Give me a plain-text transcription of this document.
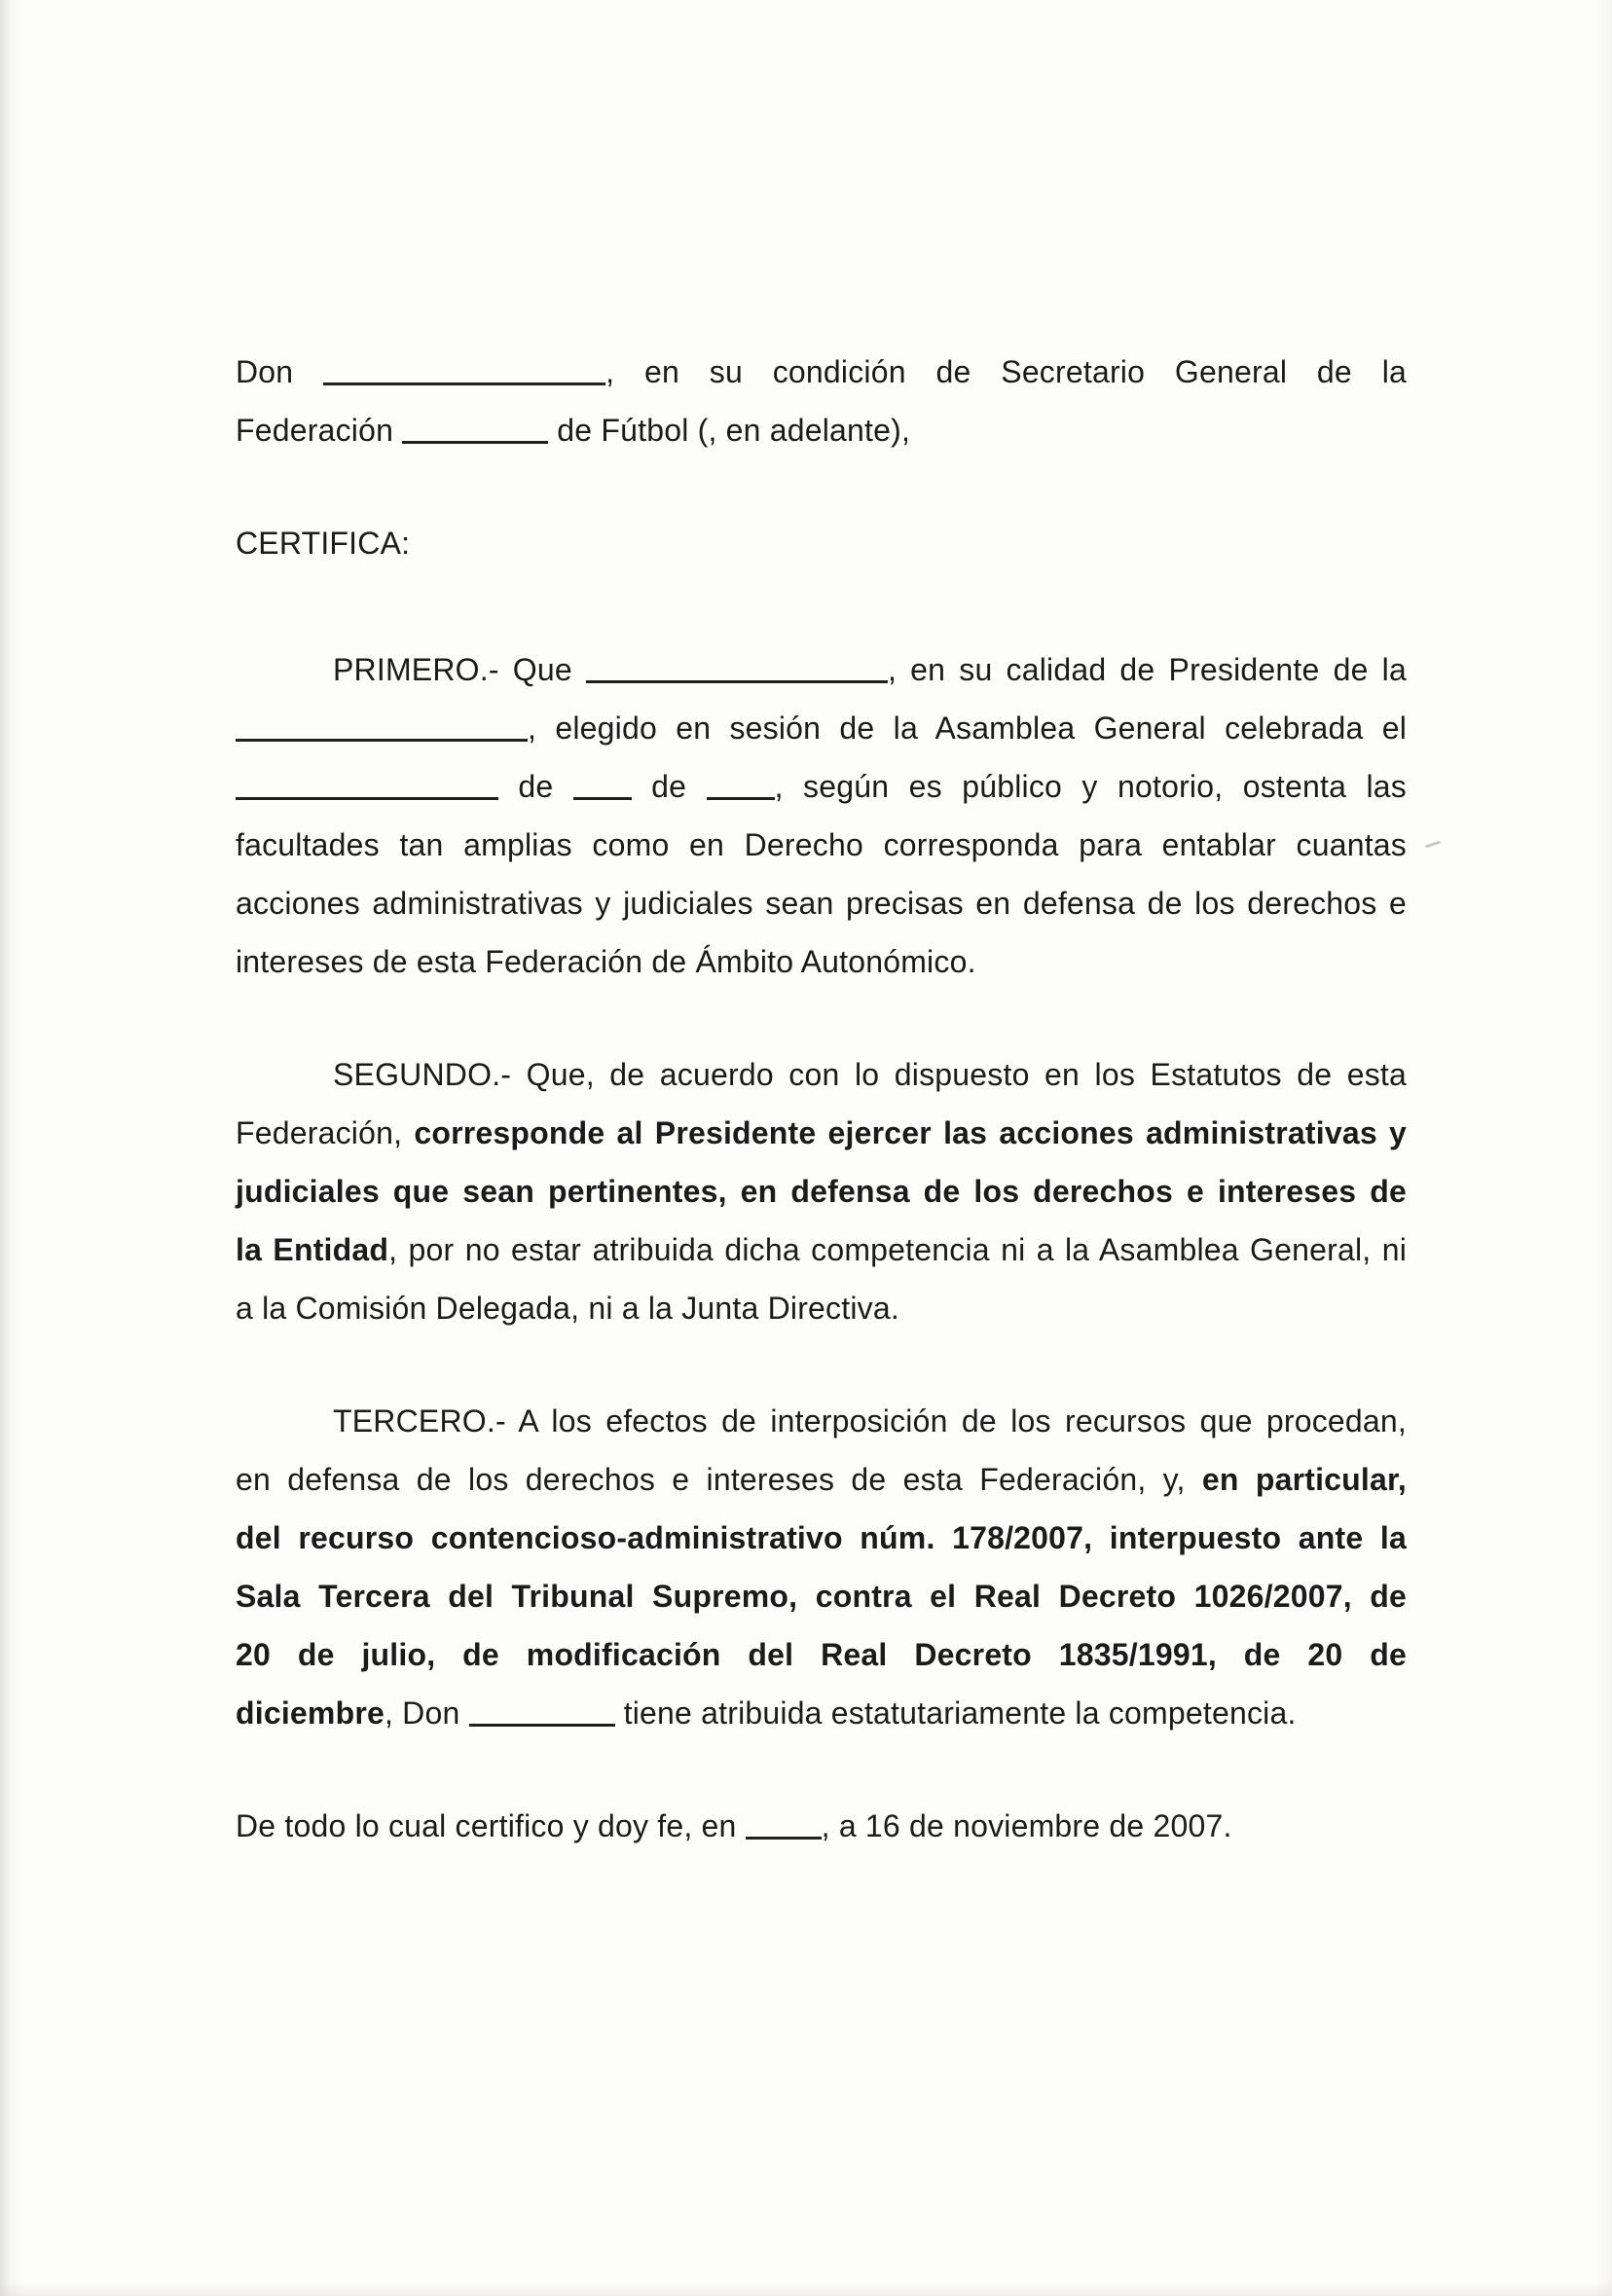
Don	, en su condición de Secretario General de la
Federación	de Fútbol (, en adelante),
CERTIFICA:
PRIMERO.- Que	, en su calidad de Presidente de la
, elegido en sesión de la Asamblea General celebrada el
de  de , según es público y notorio, ostenta las
facultades tan amplias como en Derecho corresponda para entablar cuantas
acciones administrativas y judiciales sean precisas en defensa de los derechos e
intereses de esta Federación de Ámbito Autonómico.
SEGUNDO.- Que, de acuerdo con lo dispuesto en los Estatutos de esta
Federación, corresponde al Presidente ejercer las acciones administrativas y
judiciales que sean pertinentes, en defensa de los derechos e intereses de
la Entidad, por no estar atribuida dicha competencia ni a la Asamblea General, ni
a la Comisión Delegada, ni a la Junta Directiva.
TERCERO.- A los efectos de interposición de los recursos que procedan,
en defensa de los derechos e intereses de esta Federación, y, en particular,
del recurso contencioso-administrativo núm. 178/2007, interpuesto ante la
Sala Tercera del Tribunal Supremo, contra el Real Decreto 1026/2007, de
20 de julio, de modificación del Real Decreto 1835/1991, de 20 de
diciembre, Don	tiene atribuida estatutariamente la competencia.
De todo lo cual certifico y doy fe, en , a 16 de noviembre de 2007.
